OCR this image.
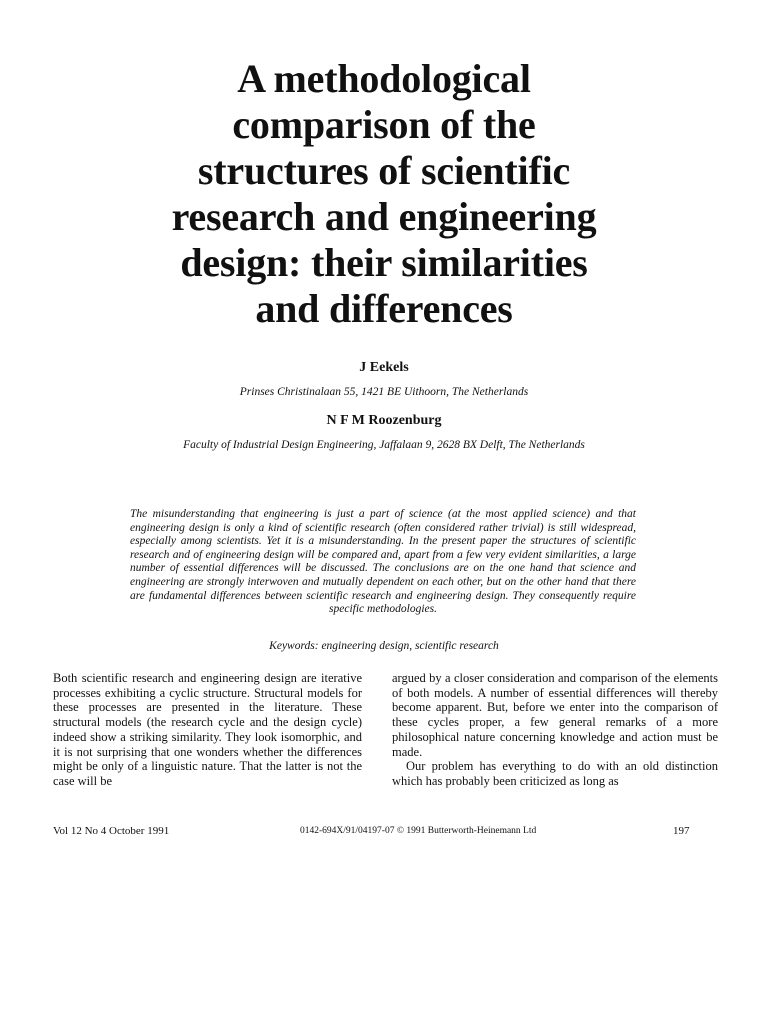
A methodological
comparison of the
structures of scientific
research and engineering
design: their similarities
and differences

J Eekels

Prinses Christinalaan 55, 1421 BE Uithoorn, The Netherlands

N F M Roozenburg

Faculty of Industrial Design Engineering, Jaffalaan 9, 2628 BX Delft, The Netherlands

The misunderstanding that engineering is just a part of science (at the most applied science) and that engineering design is only a kind of scientific research (often considered rather trivial) is still widespread, especially among scientists. Yet it is a misunderstanding. In the present paper the structures of scientific research and of engineering design will be compared and, apart from a few very evident similarities, a large number of essential differences will be discussed. The conclusions are on the one hand that science and engineering are strongly interwoven and mutually dependent on each other, but on the other hand that there are fundamental differences between scientific research and engineering design. They consequently require specific methodologies.

Keywords: engineering design, scientific research

Both scientific research and engineering design are iterative processes exhibiting a cyclic structure. Structural models for these processes are presented in the literature. These structural models (the research cycle and the design cycle) indeed show a striking similarity. They look isomorphic, and it is not surprising that one wonders whether the differences might be only of a linguistic nature. That the latter is not the case will be

argued by a closer consideration and comparison of the elements of both models. A number of essential differences will thereby become apparent. But, before we enter into the comparison of these cycles proper, a few general remarks of a more philosophical nature concerning knowledge and action must be made.

Our problem has everything to do with an old distinction which has probably been criticized as long as

Vol 12 No 4 October 1991	0142-694X/91/04197-07 © 1991 Butterworth-Heinemann Ltd	197
